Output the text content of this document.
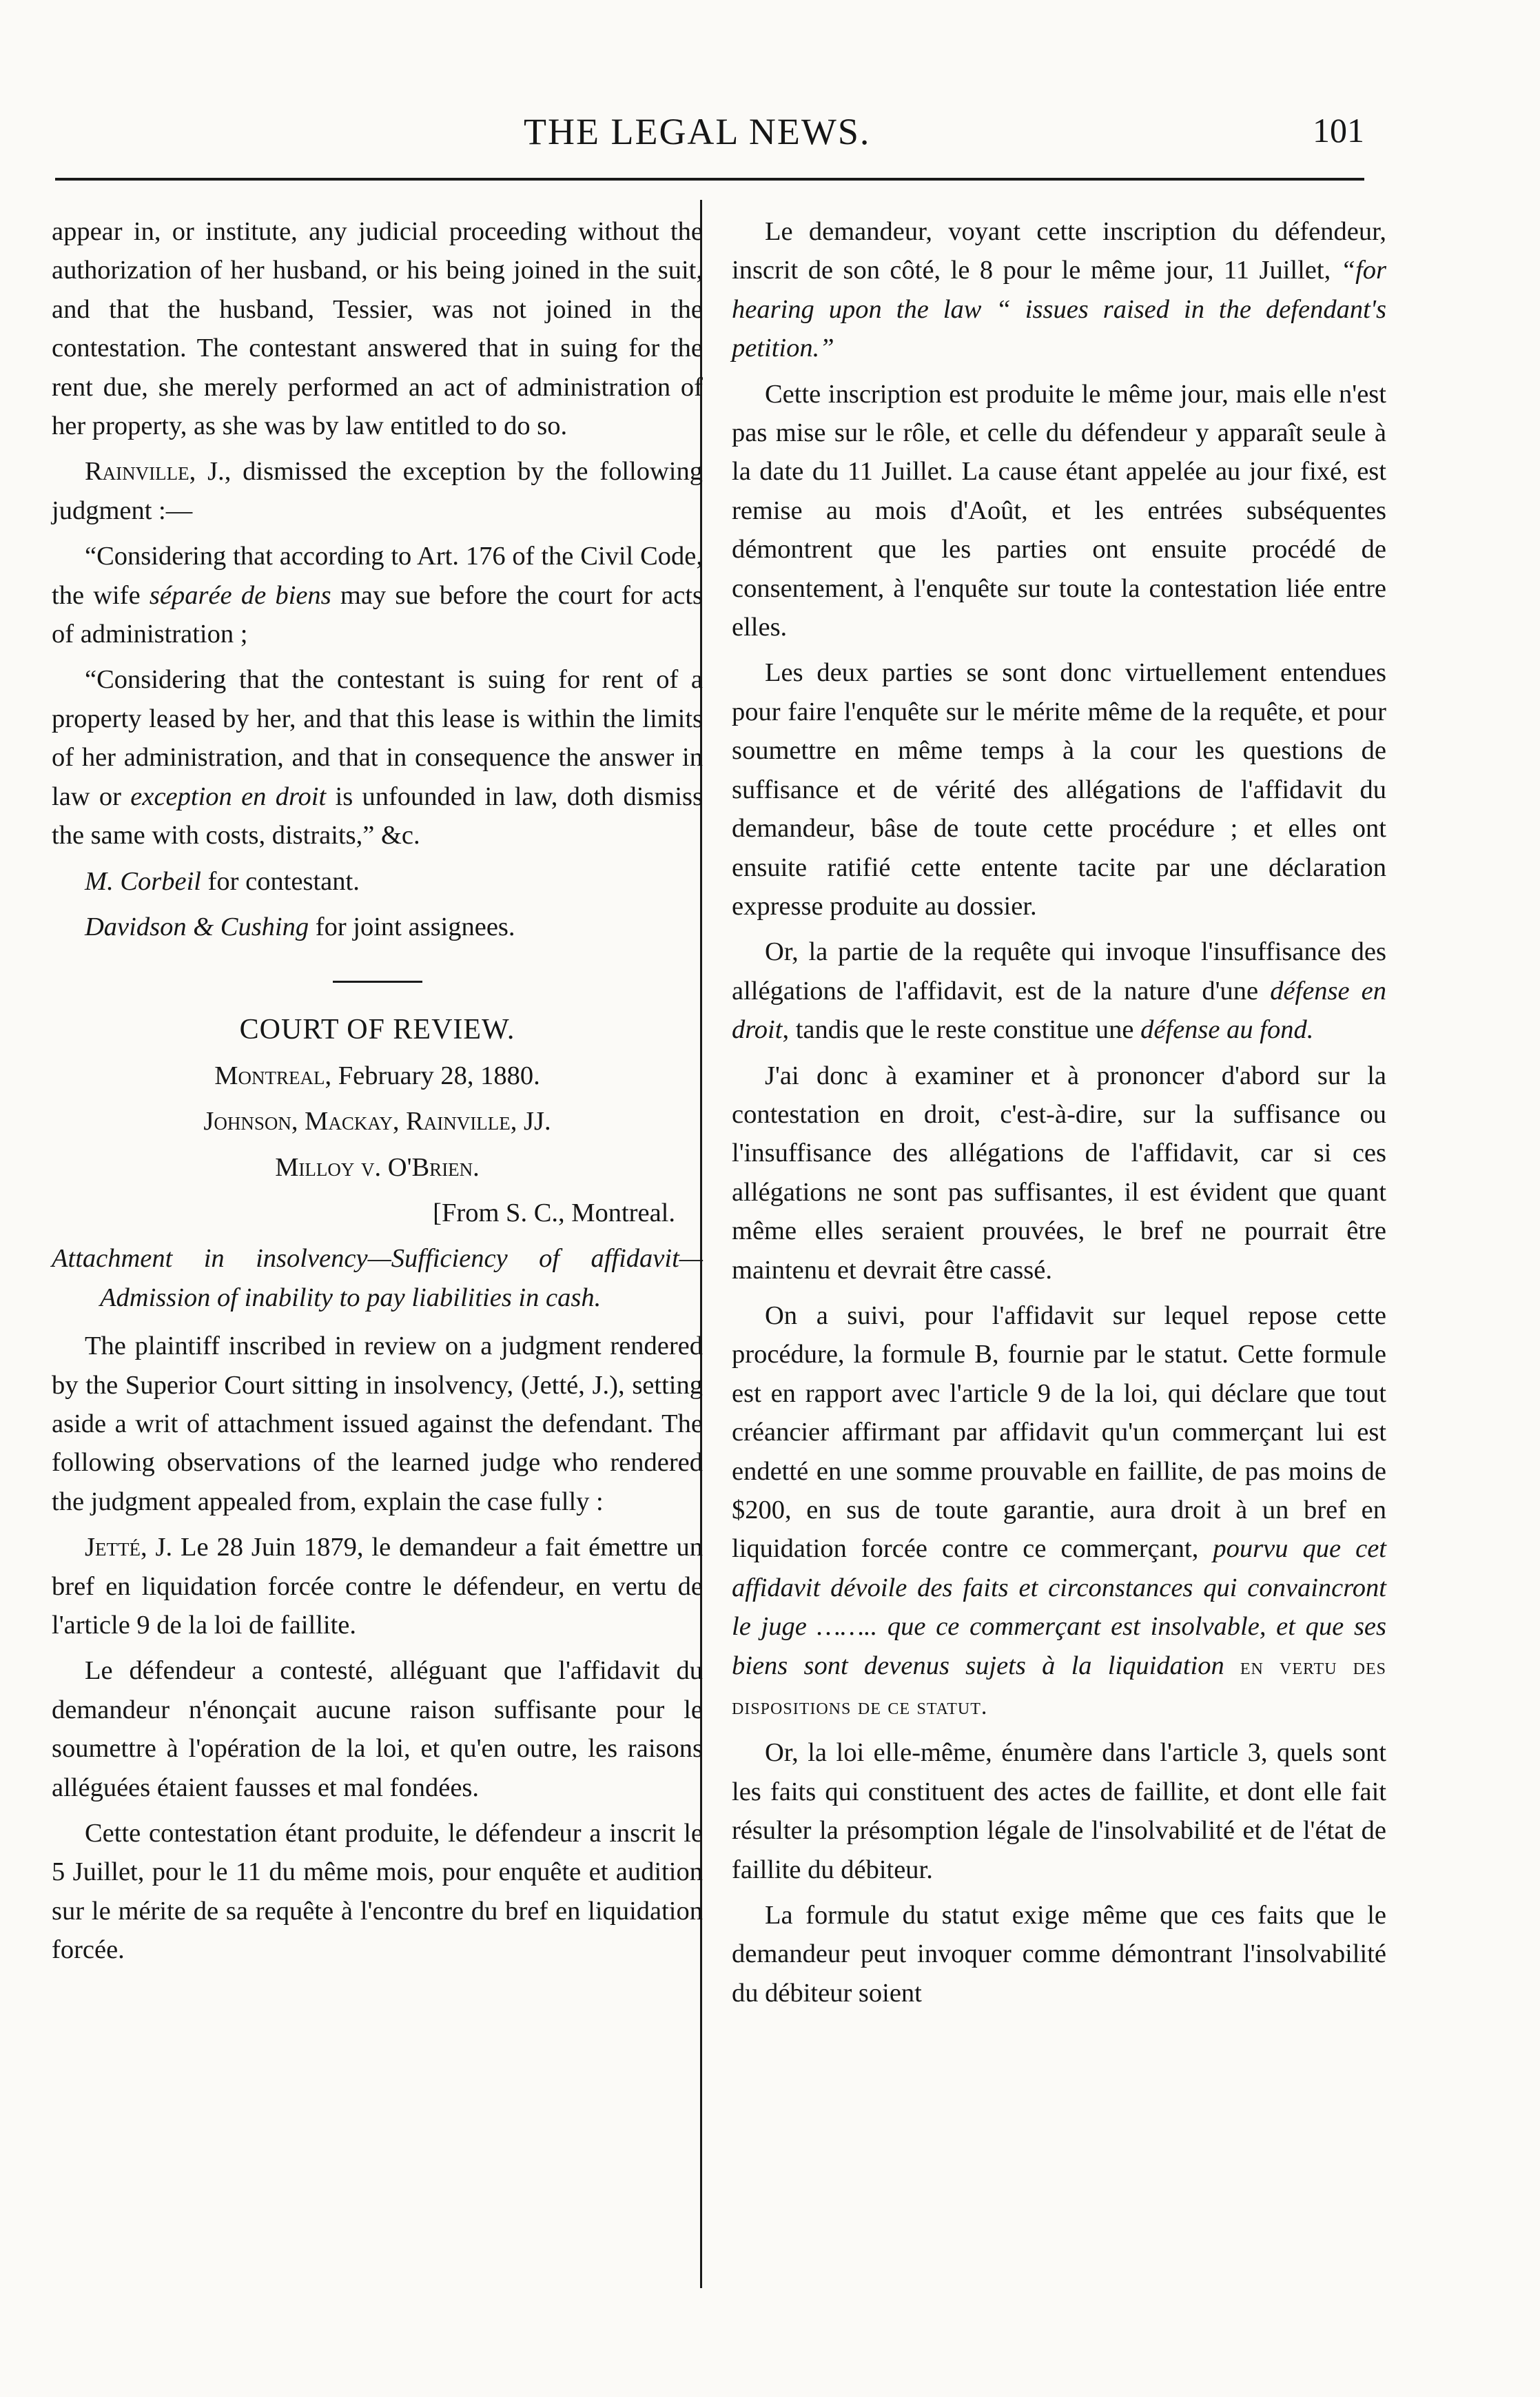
THE LEGAL NEWS.	101

appear in, or institute, any judicial proceeding without the authorization of her husband, or his being joined in the suit, and that the husband, Tessier, was not joined in the contestation. The contestant answered that in suing for the rent due, she merely performed an act of administration of her property, as she was by law entitled to do so.

Rainville, J., dismissed the exception by the following judgment :—

“Considering that according to Art. 176 of the Civil Code, the wife séparée de biens may sue before the court for acts of administration ;

“Considering that the contestant is suing for rent of a property leased by her, and that this lease is within the limits of her administration, and that in consequence the answer in law or exception en droit is unfounded in law, doth dismiss the same with costs, distraits,” &c.

M. Corbeil for contestant.

Davidson & Cushing for joint assignees.

COURT OF REVIEW.

Montreal, February 28, 1880.

Johnson, Mackay, Rainville, JJ.

Milloy v. O'Brien.

[From S. C., Montreal.

Attachment in insolvency—Sufficiency of affidavit—Admission of inability to pay liabilities in cash.

The plaintiff inscribed in review on a judgment rendered by the Superior Court sitting in insolvency, (Jetté, J.), setting aside a writ of attachment issued against the defendant. The following observations of the learned judge who rendered the judgment appealed from, explain the case fully :

Jetté, J. Le 28 Juin 1879, le demandeur a fait émettre un bref en liquidation forcée contre le défendeur, en vertu de l'article 9 de la loi de faillite.

Le défendeur a contesté, alléguant que l'affidavit du demandeur n'énonçait aucune raison suffisante pour le soumettre à l'opération de la loi, et qu'en outre, les raisons alléguées étaient fausses et mal fondées.

Cette contestation étant produite, le défendeur a inscrit le 5 Juillet, pour le 11 du même mois, pour enquête et audition sur le mérite de sa requête à l'encontre du bref en liquidation forcée.

Le demandeur, voyant cette inscription du défendeur, inscrit de son côté, le 8 pour le même jour, 11 Juillet, “for hearing upon the law “ issues raised in the defendant's petition.”

Cette inscription est produite le même jour, mais elle n'est pas mise sur le rôle, et celle du défendeur y apparaît seule à la date du 11 Juillet. La cause étant appelée au jour fixé, est remise au mois d'Août, et les entrées subséquentes démontrent que les parties ont ensuite procédé de consentement, à l'enquête sur toute la contestation liée entre elles.

Les deux parties se sont donc virtuellement entendues pour faire l'enquête sur le mérite même de la requête, et pour soumettre en même temps à la cour les questions de suffisance et de vérité des allégations de l'affidavit du demandeur, bâse de toute cette procédure ; et elles ont ensuite ratifié cette entente tacite par une déclaration expresse produite au dossier.

Or, la partie de la requête qui invoque l'insuffisance des allégations de l'affidavit, est de la nature d'une défense en droit, tandis que le reste constitue une défense au fond.

J'ai donc à examiner et à prononcer d'abord sur la contestation en droit, c'est-à-dire, sur la suffisance ou l'insuffisance des allégations de l'affidavit, car si ces allégations ne sont pas suffisantes, il est évident que quant même elles seraient prouvées, le bref ne pourrait être maintenu et devrait être cassé.

On a suivi, pour l'affidavit sur lequel repose cette procédure, la formule B, fournie par le statut. Cette formule est en rapport avec l'article 9 de la loi, qui déclare que tout créancier affirmant par affidavit qu'un commerçant lui est endetté en une somme prouvable en faillite, de pas moins de $200, en sus de toute garantie, aura droit à un bref en liquidation forcée contre ce commerçant, pourvu que cet affidavit dévoile des faits et circonstances qui convaincront le juge …….. que ce commerçant est insolvable, et que ses biens sont devenus sujets à la liquidation en vertu des dispositions de ce statut.

Or, la loi elle-même, énumère dans l'article 3, quels sont les faits qui constituent des actes de faillite, et dont elle fait résulter la présomption légale de l'insolvabilité et de l'état de faillite du débiteur.

La formule du statut exige même que ces faits que le demandeur peut invoquer comme démontrant l'insolvabilité du débiteur soient
